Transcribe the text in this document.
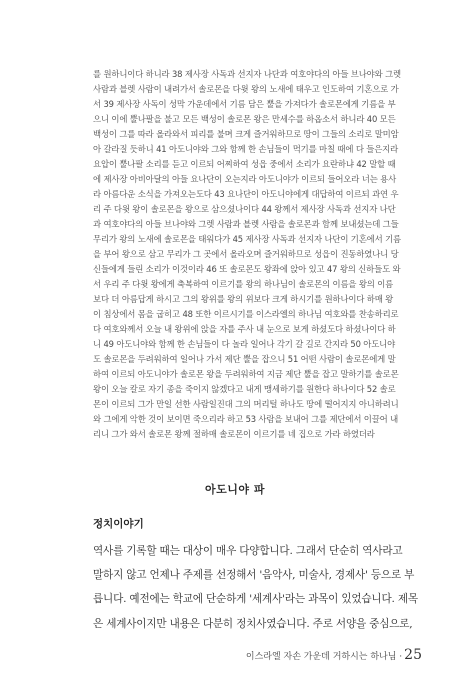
를 원하니이다 하니라 38 제사장 사독과 선지자 나단과 여호야다의 아들 브나야와 그렛
사람과 블렛 사람이 내려가서 솔로몬을 다윗 왕의 노새에 태우고 인도하여 기혼으로 가
서 39 제사장 사독이 성막 가운데에서 기름 담은 뿔을 가져다가 솔로몬에게 기름을 부
으니 이에 뿔나팔을 불고 모든 백성이 솔로몬 왕은 만세수를 하옵소서 하니라 40 모든
백성이 그를 따라 올라와서 피리를 불며 크게 즐거워하므로 땅이 그들의 소리로 말미암
아 갈라질 듯하니 41 아도니야와 그와 함께 한 손님들이 먹기를 마칠 때에 다 들은지라
요압이 뿔나팔 소리를 듣고 이르되 어찌하여 성읍 중에서 소리가 요란하냐 42 말할 때
에 제사장 아비아달의 아들 요나단이 오는지라 아도니야가 이르되 들어오라 너는 용사
라 아름다운 소식을 가져오는도다 43 요나단이 아도니야에게 대답하여 이르되 과연 우
리 주 다윗 왕이 솔로몬을 왕으로 삼으셨나이다 44 왕께서 제사장 사독과 선지자 나단
과 여호야다의 아들 브나야와 그렛 사람과 블렛 사람을 솔로몬과 함께 보내셨는데 그들
무리가 왕의 노새에 솔로몬을 태워다가 45 제사장 사독과 선지자 나단이 기혼에서 기름
을 부어 왕으로 삼고 무리가 그 곳에서 올라오며 즐거워하므로 성읍이 진동하였나니 당
신들에게 들린 소리가 이것이라 46 또 솔로몬도 왕좌에 앉아 있고 47 왕의 신하들도 와
서 우리 주 다윗 왕에게 축복하여 이르기를 왕의 하나님이 솔로몬의 이름을 왕의 이름
보다 더 아름답게 하시고 그의 왕위를 왕의 위보다 크게 하시기를 원하나이다 하매 왕
이 침상에서 몸을 굽히고 48 또한 이르시기를 이스라엘의 하나님 여호와를 찬송하리로
다 여호와께서 오늘 내 왕위에 앉을 자를 주사 내 눈으로 보게 하셨도다 하셨나이다 하
니 49 아도니야와 함께 한 손님들이 다 놀라 일어나 각기 갈 길로 간지라 50 아도니야
도 솔로몬을 두려워하여 일어나 가서 제단 뿔을 잡으니 51 어떤 사람이 솔로몬에게 말
하여 이르되 아도니야가 솔로몬 왕을 두려워하여 지금 제단 뿔을 잡고 말하기를 솔로몬
왕이 오늘 칼로 자기 종을 죽이지 않겠다고 내게 맹세하기를 원한다 하나이다 52 솔로
몬이 이르되 그가 만일 선한 사람일진대 그의 머리털 하나도 땅에 떨어지지 아니하려니
와 그에게 악한 것이 보이면 죽으리라 하고 53 사람을 보내어 그를 제단에서 이끌어 내
리니 그가 와서 솔로몬 왕께 절하매 솔로몬이 이르기를 네 집으로 가라 하였더라
아도니야 파
정치이야기
역사를 기록할 때는 대상이 매우 다양합니다. 그래서 단순히 역사라고
말하지 않고 언제나 주제를 선정해서 '음악사, 미술사, 경제사' 등으로 부
릅니다. 예전에는 학교에 단순하게 '세계사'라는 과목이 있었습니다. 제목
은 세계사이지만 내용은 다분히 정치사였습니다. 주로 서양을 중심으로,
이스라엘 자손 가운데 거하시는 하나님 · 25
